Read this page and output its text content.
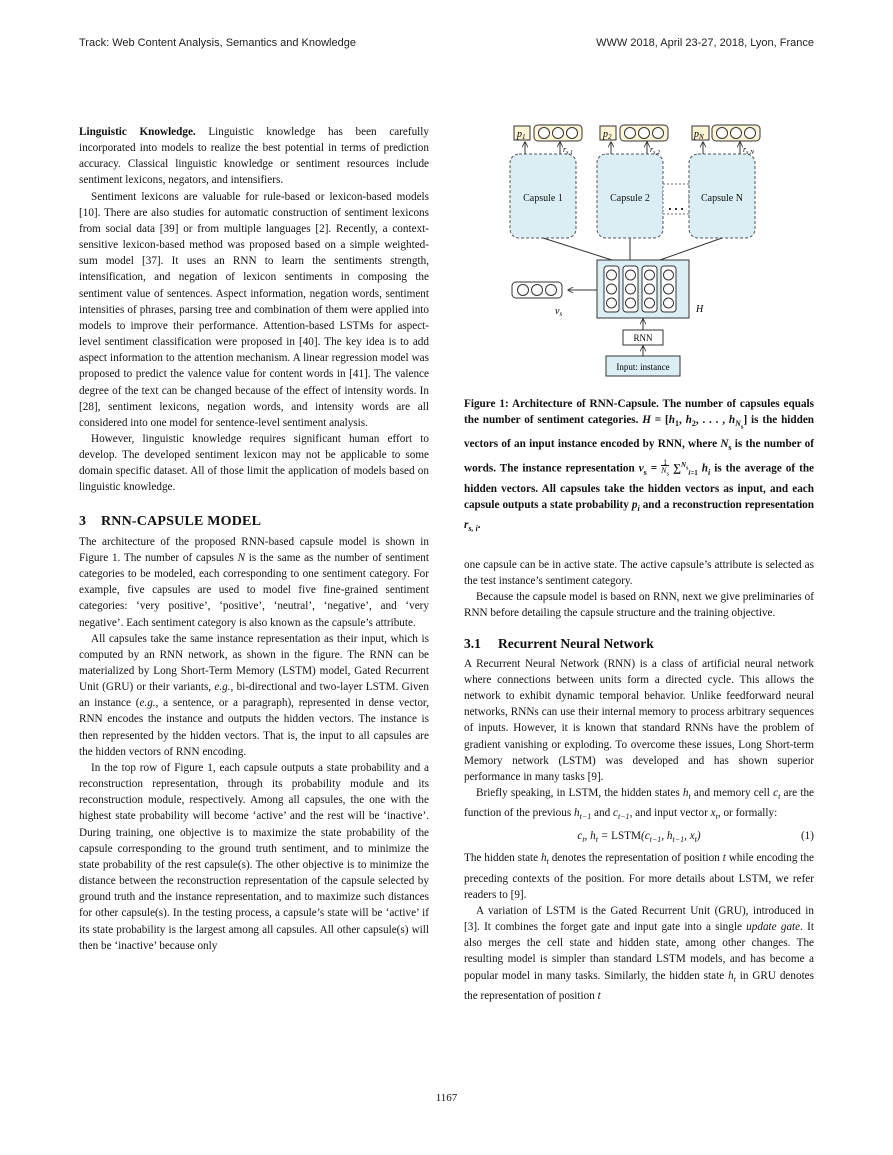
Track: Web Content Analysis, Semantics and Knowledge	WWW 2018, April 23-27, 2018, Lyon, France

Linguistic Knowledge. Linguistic knowledge has been carefully incorporated into models to realize the best potential in terms of prediction accuracy. Classical linguistic knowledge or sentiment resources include sentiment lexicons, negators, and intensifiers.

Sentiment lexicons are valuable for rule-based or lexicon-based models [10]. There are also studies for automatic construction of sentiment lexicons from social data [39] or from multiple languages [2]. Recently, a context-sensitive lexicon-based method was proposed based on a simple weighted-sum model [37]. It uses an RNN to learn the sentiments strength, intensification, and negation of lexicon sentiments in composing the sentiment value of sentences. Aspect information, negation words, sentiment intensities of phrases, parsing tree and combination of them were applied into models to improve their performance. Attention-based LSTMs for aspect-level sentiment classification were proposed in [40]. The key idea is to add aspect information to the attention mechanism. A linear regression model was proposed to predict the valence value for content words in [41]. The valence degree of the text can be changed because of the effect of intensity words. In [28], sentiment lexicons, negation words, and intensity words are all considered into one model for sentence-level sentiment analysis.

However, linguistic knowledge requires significant human effort to develop. The developed sentiment lexicon may not be applicable to some domain specific dataset. All of those limit the application of models based on linguistic knowledge.

3 RNN-CAPSULE MODEL

The architecture of the proposed RNN-based capsule model is shown in Figure 1. The number of capsules N is the same as the number of sentiment categories to be modeled, each corresponding to one sentiment category. For example, five capsules are used to model five fine-grained sentiment categories: ‘very positive’, ‘positive’, ‘neutral’, ‘negative’, and ‘very negative’. Each sentiment category is also known as the capsule’s attribute.

All capsules take the same instance representation as their input, which is computed by an RNN network, as shown in the figure. The RNN can be materialized by Long Short-Term Memory (LSTM) model, Gated Recurrent Unit (GRU) or their variants, e.g., bi-directional and two-layer LSTM. Given an instance (e.g., a sentence, or a paragraph), represented in dense vector, RNN encodes the instance and outputs the hidden vectors. The instance is then represented by the hidden vectors. That is, the input to all capsules are the hidden vectors of RNN encoding.

In the top row of Figure 1, each capsule outputs a state probability and a reconstruction representation, through its probability module and its reconstruction module, respectively. Among all capsules, the one with the highest state probability will become ‘active’ and the rest will be ‘inactive’. During training, one objective is to maximize the state probability of the capsule corresponding to the ground truth sentiment, and to minimize the state probability of the rest capsule(s). The other objective is to minimize the distance between the reconstruction representation of the capsule selected by ground truth and the instance representation, and to maximize such distances for other capsule(s). In the testing process, a capsule’s state will be ‘active’ if its state probability is the largest among all capsules. All other capsule(s) will then be ‘inactive’ because only

Capsule 1
$p_1$
$r_{s,1}$
Capsule 2
$p_2$
$r_{s,2}$
… Capsule N
$p_N$
$r_{s,N}$
H
$v_s$
RNN
Input: instance
Figure 1: Architecture of RNN-Capsule. The number of capsules equals the number of sentiment categories. $H = [h_1$, $h_2$, . . . , $h_{N_s}$] is the hidden vectors of an input instance encoded by RNN, where $N_s$ is the number of words. The instance representation $v_s = 1$
$N_s$ ∑$^{N_s}_{i=1}$ $h_i$ is the average of the hidden vectors. All capsules take the hidden vectors as input, and each capsule outputs a state probability $p_i$ and a reconstruction representation $r_{s, i}$.

one capsule can be in active state. The active capsule’s attribute is selected as the test instance’s sentiment category.

Because the capsule model is based on RNN, next we give preliminaries of RNN before detailing the capsule structure and the training objective.

3.1 Recurrent Neural Network

A Recurrent Neural Network (RNN) is a class of artificial neural network where connections between units form a directed cycle. This allows the network to exhibit dynamic temporal behavior. Unlike feedforward neural networks, RNNs can use their internal memory to process arbitrary sequences of inputs. However, it is known that standard RNNs have the problem of gradient vanishing or exploding. To overcome these issues, Long Short-term Memory network (LSTM) was developed and has shown superior performance in many tasks [9].

Briefly speaking, in LSTM, the hidden states $h_t$ and memory cell $c_t$ are the function of the previous $h_{t-1}$ and $c_{t-1}$, and input vector $x_t$, or formally:

$c_t$, $h_t$ = $LSTM(c_{t-1}$, $h_{t-1}$, $x_t$)	(1)

The hidden state $h_t$ denotes the representation of position t while encoding the preceding contexts of the position. For more details about LSTM, we refer readers to [9].

A variation of LSTM is the Gated Recurrent Unit (GRU), introduced in [3]. It combines the forget gate and input gate into a single update gate. It also merges the cell state and hidden state, among other changes. The resulting model is simpler than standard LSTM models, and has become a popular model in many tasks. Similarly, the hidden state $h_t$ in GRU denotes the representation of position t

1167
